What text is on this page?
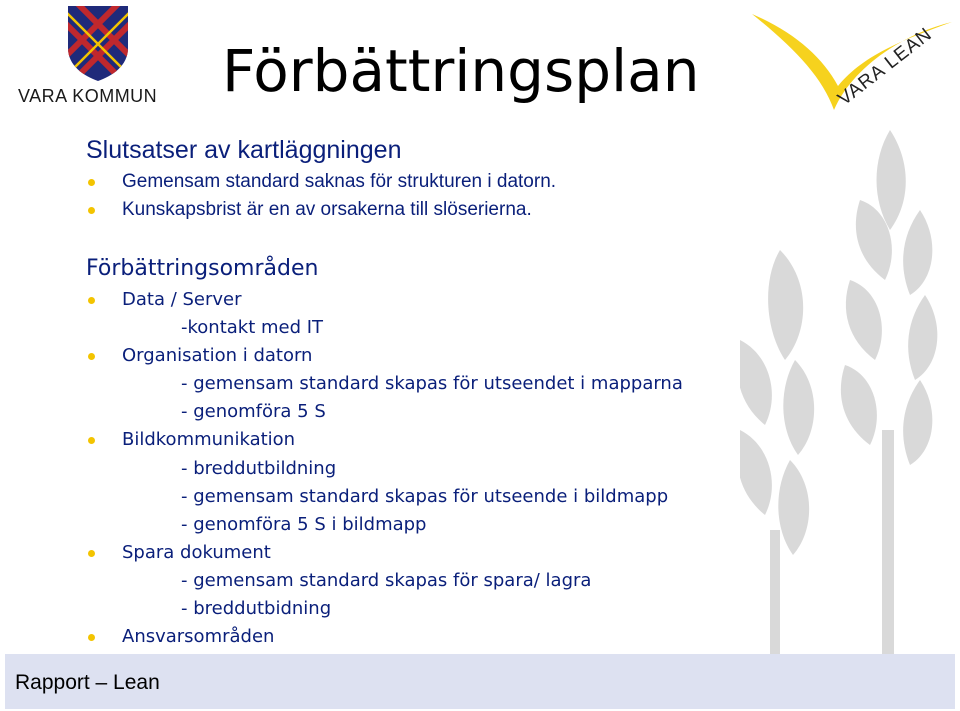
VARA KOMMUN	VARA LEAN
Förbättringsplan
Slutsatser av kartläggningen
Gemensam standard saknas för strukturen i datorn.
Kunskapsbrist är en av orsakerna till slöserierna.
Förbättringsområden
Data / Server
-kontakt med IT
Organisation i datorn
- gemensam standard skapas för utseendet i mapparna
- genomföra 5 S
Bildkommunikation
- breddutbildning
- gemensam standard skapas för utseende i bildmapp
- genomföra 5 S i bildmapp
Spara dokument
- gemensam standard skapas för spara/ lagra
- breddutbidning
Ansvarsområden
Rapport – Lean
